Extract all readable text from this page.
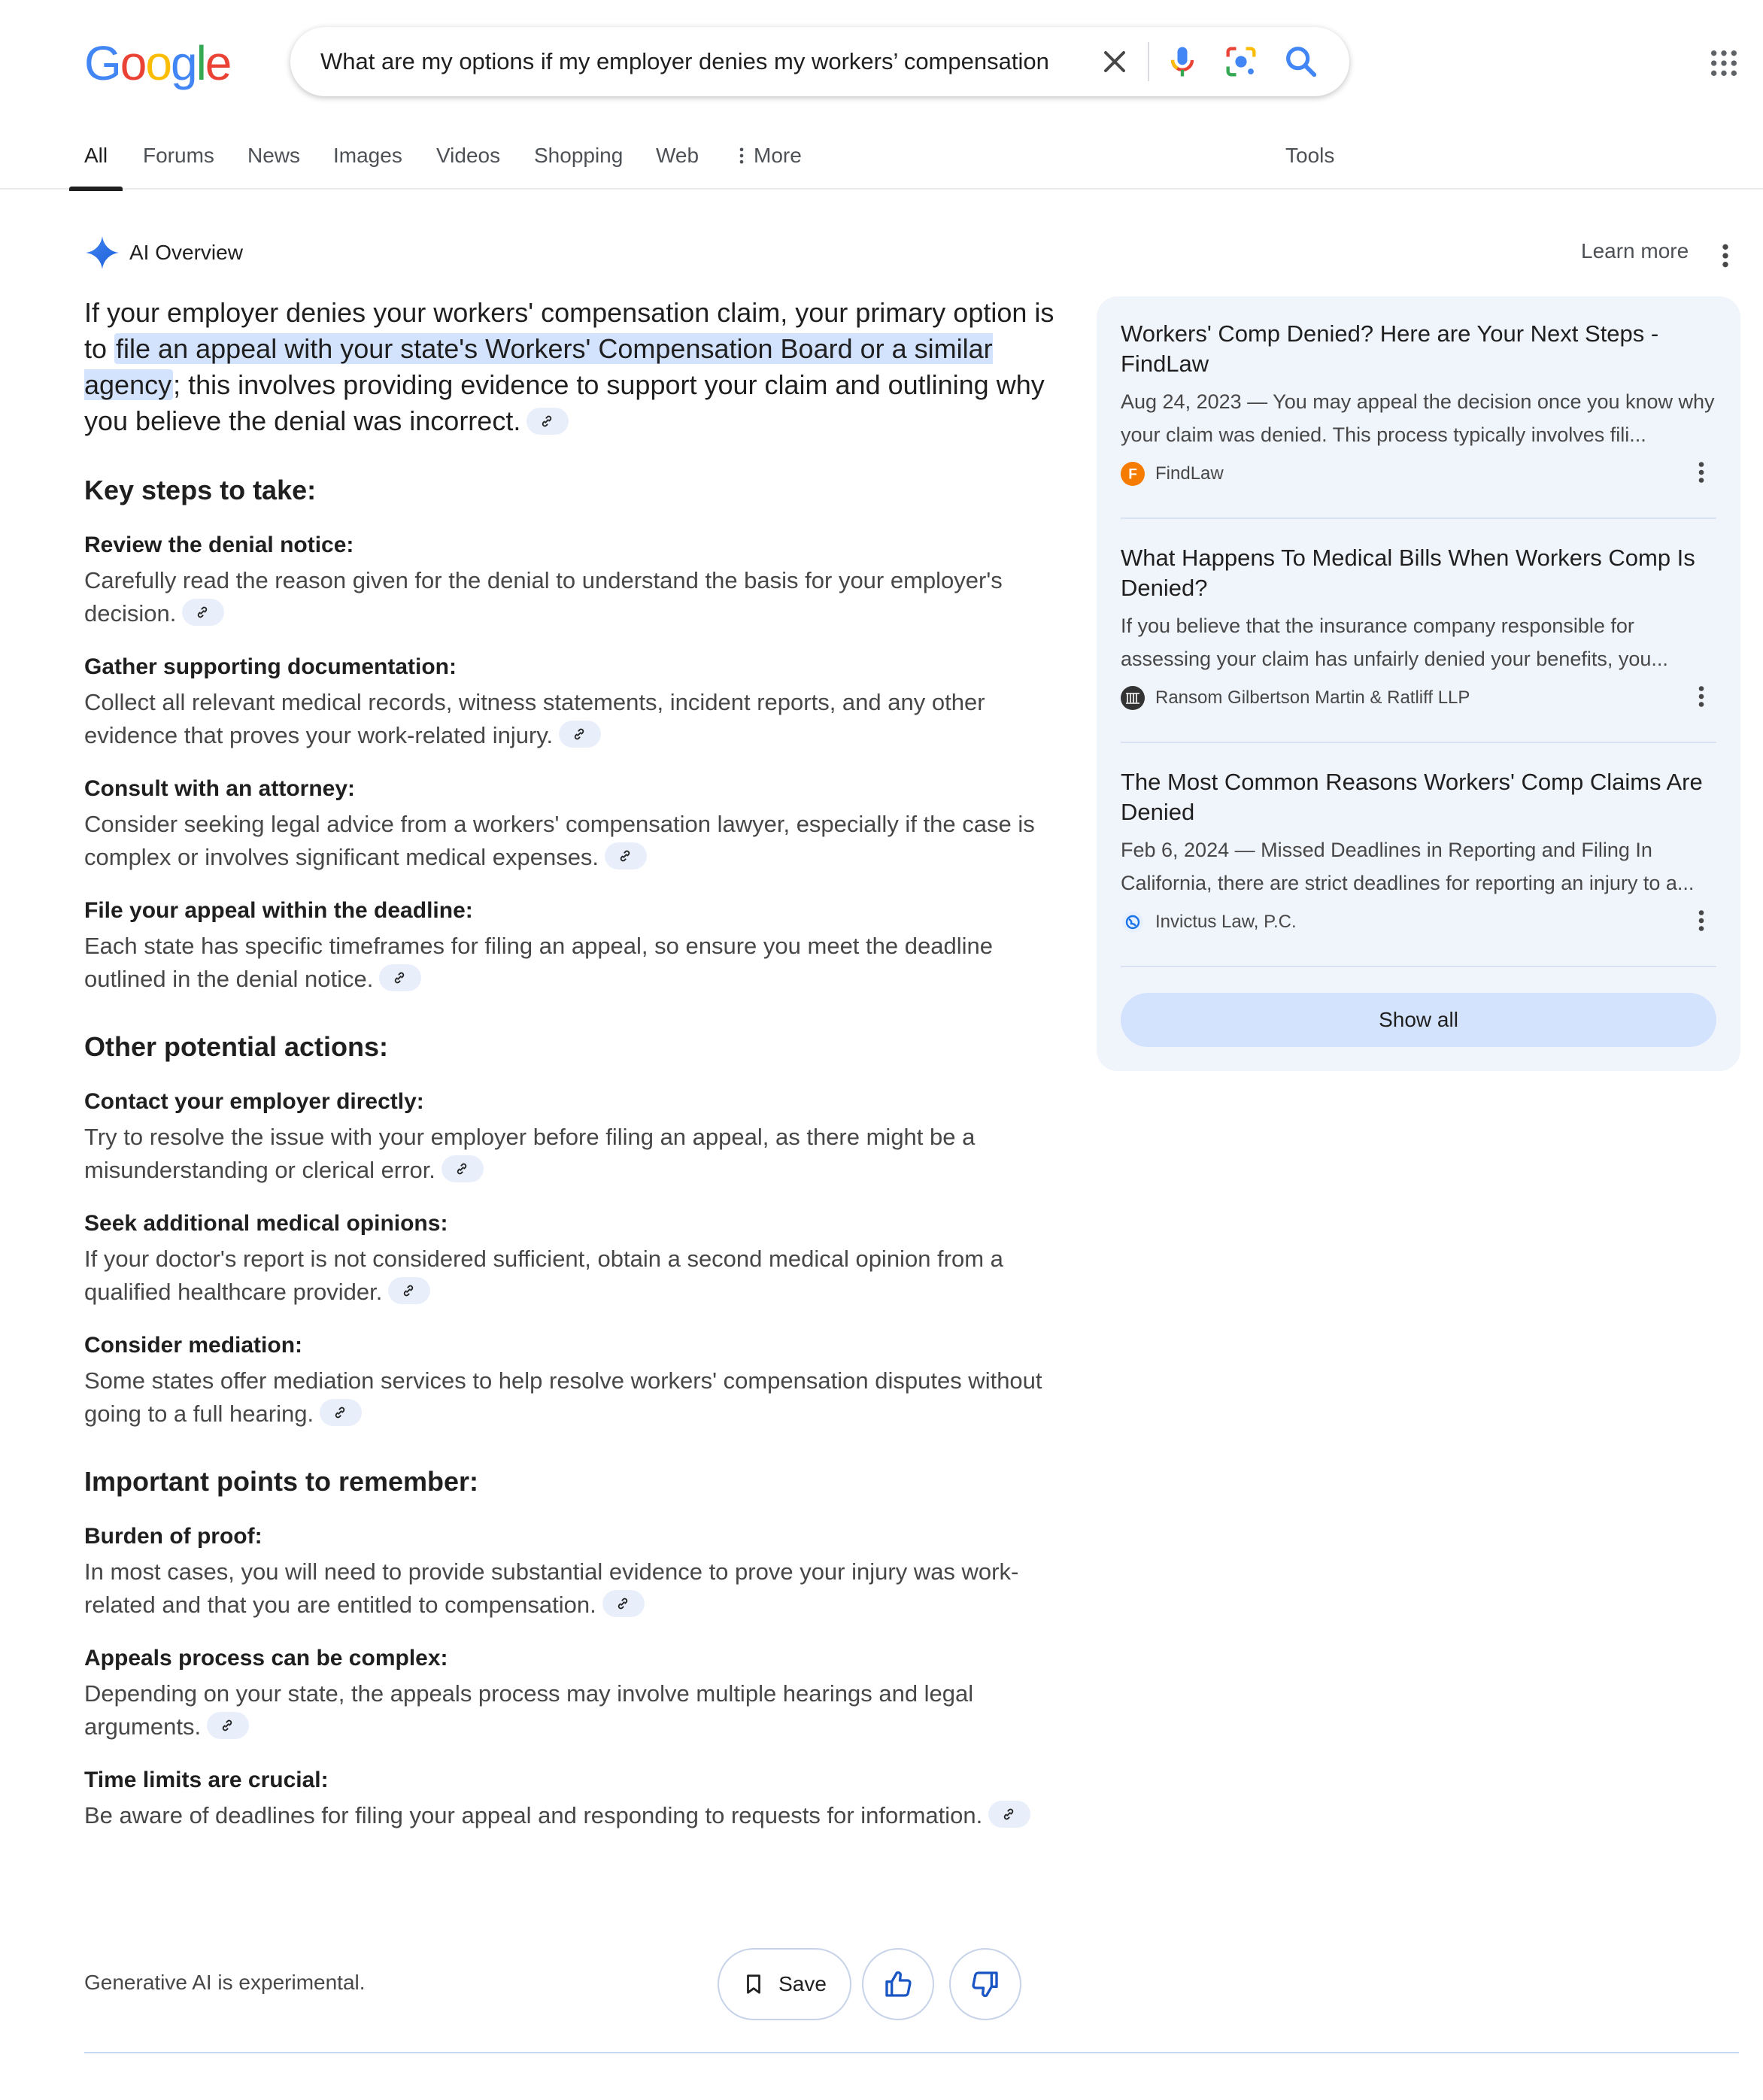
Google	What are my options if my employer denies my workers’ compensation
All Forums News Images Videos Shopping Web	More	Tools
AI Overview	Learn more

If your employer denies your workers' compensation claim, your primary option is to file an appeal with your state's Workers' Compensation Board or a similar agency; this involves providing evidence to support your claim and outlining why you believe the denial was incorrect.

Key steps to take:
Review the denial notice:
Carefully read the reason given for the denial to understand the basis for your employer's decision.
Gather supporting documentation:
Collect all relevant medical records, witness statements, incident reports, and any other evidence that proves your work-related injury.
Consult with an attorney:
Consider seeking legal advice from a workers' compensation lawyer, especially if the case is complex or involves significant medical expenses.
File your appeal within the deadline:
Each state has specific timeframes for filing an appeal, so ensure you meet the deadline outlined in the denial notice.
Other potential actions:
Contact your employer directly:
Try to resolve the issue with your employer before filing an appeal, as there might be a misunderstanding or clerical error.
Seek additional medical opinions:
If your doctor's report is not considered sufficient, obtain a second medical opinion from a qualified healthcare provider.
Consider mediation:
Some states offer mediation services to help resolve workers' compensation disputes without going to a full hearing.
Important points to remember:
Burden of proof:
In most cases, you will need to provide substantial evidence to prove your injury was work-related and that you are entitled to compensation.
Appeals process can be complex:
Depending on your state, the appeals process may involve multiple hearings and legal arguments.
Time limits are crucial:
Be aware of deadlines for filing your appeal and responding to requests for information.
Generative AI is experimental.	Save
Workers' Comp Denied? Here are Your Next Steps - FindLaw
Aug 24, 2023 — You may appeal the decision once you know why your claim was denied. This process typically involves fili...
F FindLaw
What Happens To Medical Bills When Workers Comp Is Denied?
If you believe that the insurance company responsible for assessing your claim has unfairly denied your benefits, you...
Ransom Gilbertson Martin & Ratliff LLP
The Most Common Reasons Workers' Comp Claims Are Denied
Feb 6, 2024 — Missed Deadlines in Reporting and Filing In California, there are strict deadlines for reporting an injury to a...
Invictus Law, P.C.
Show all
